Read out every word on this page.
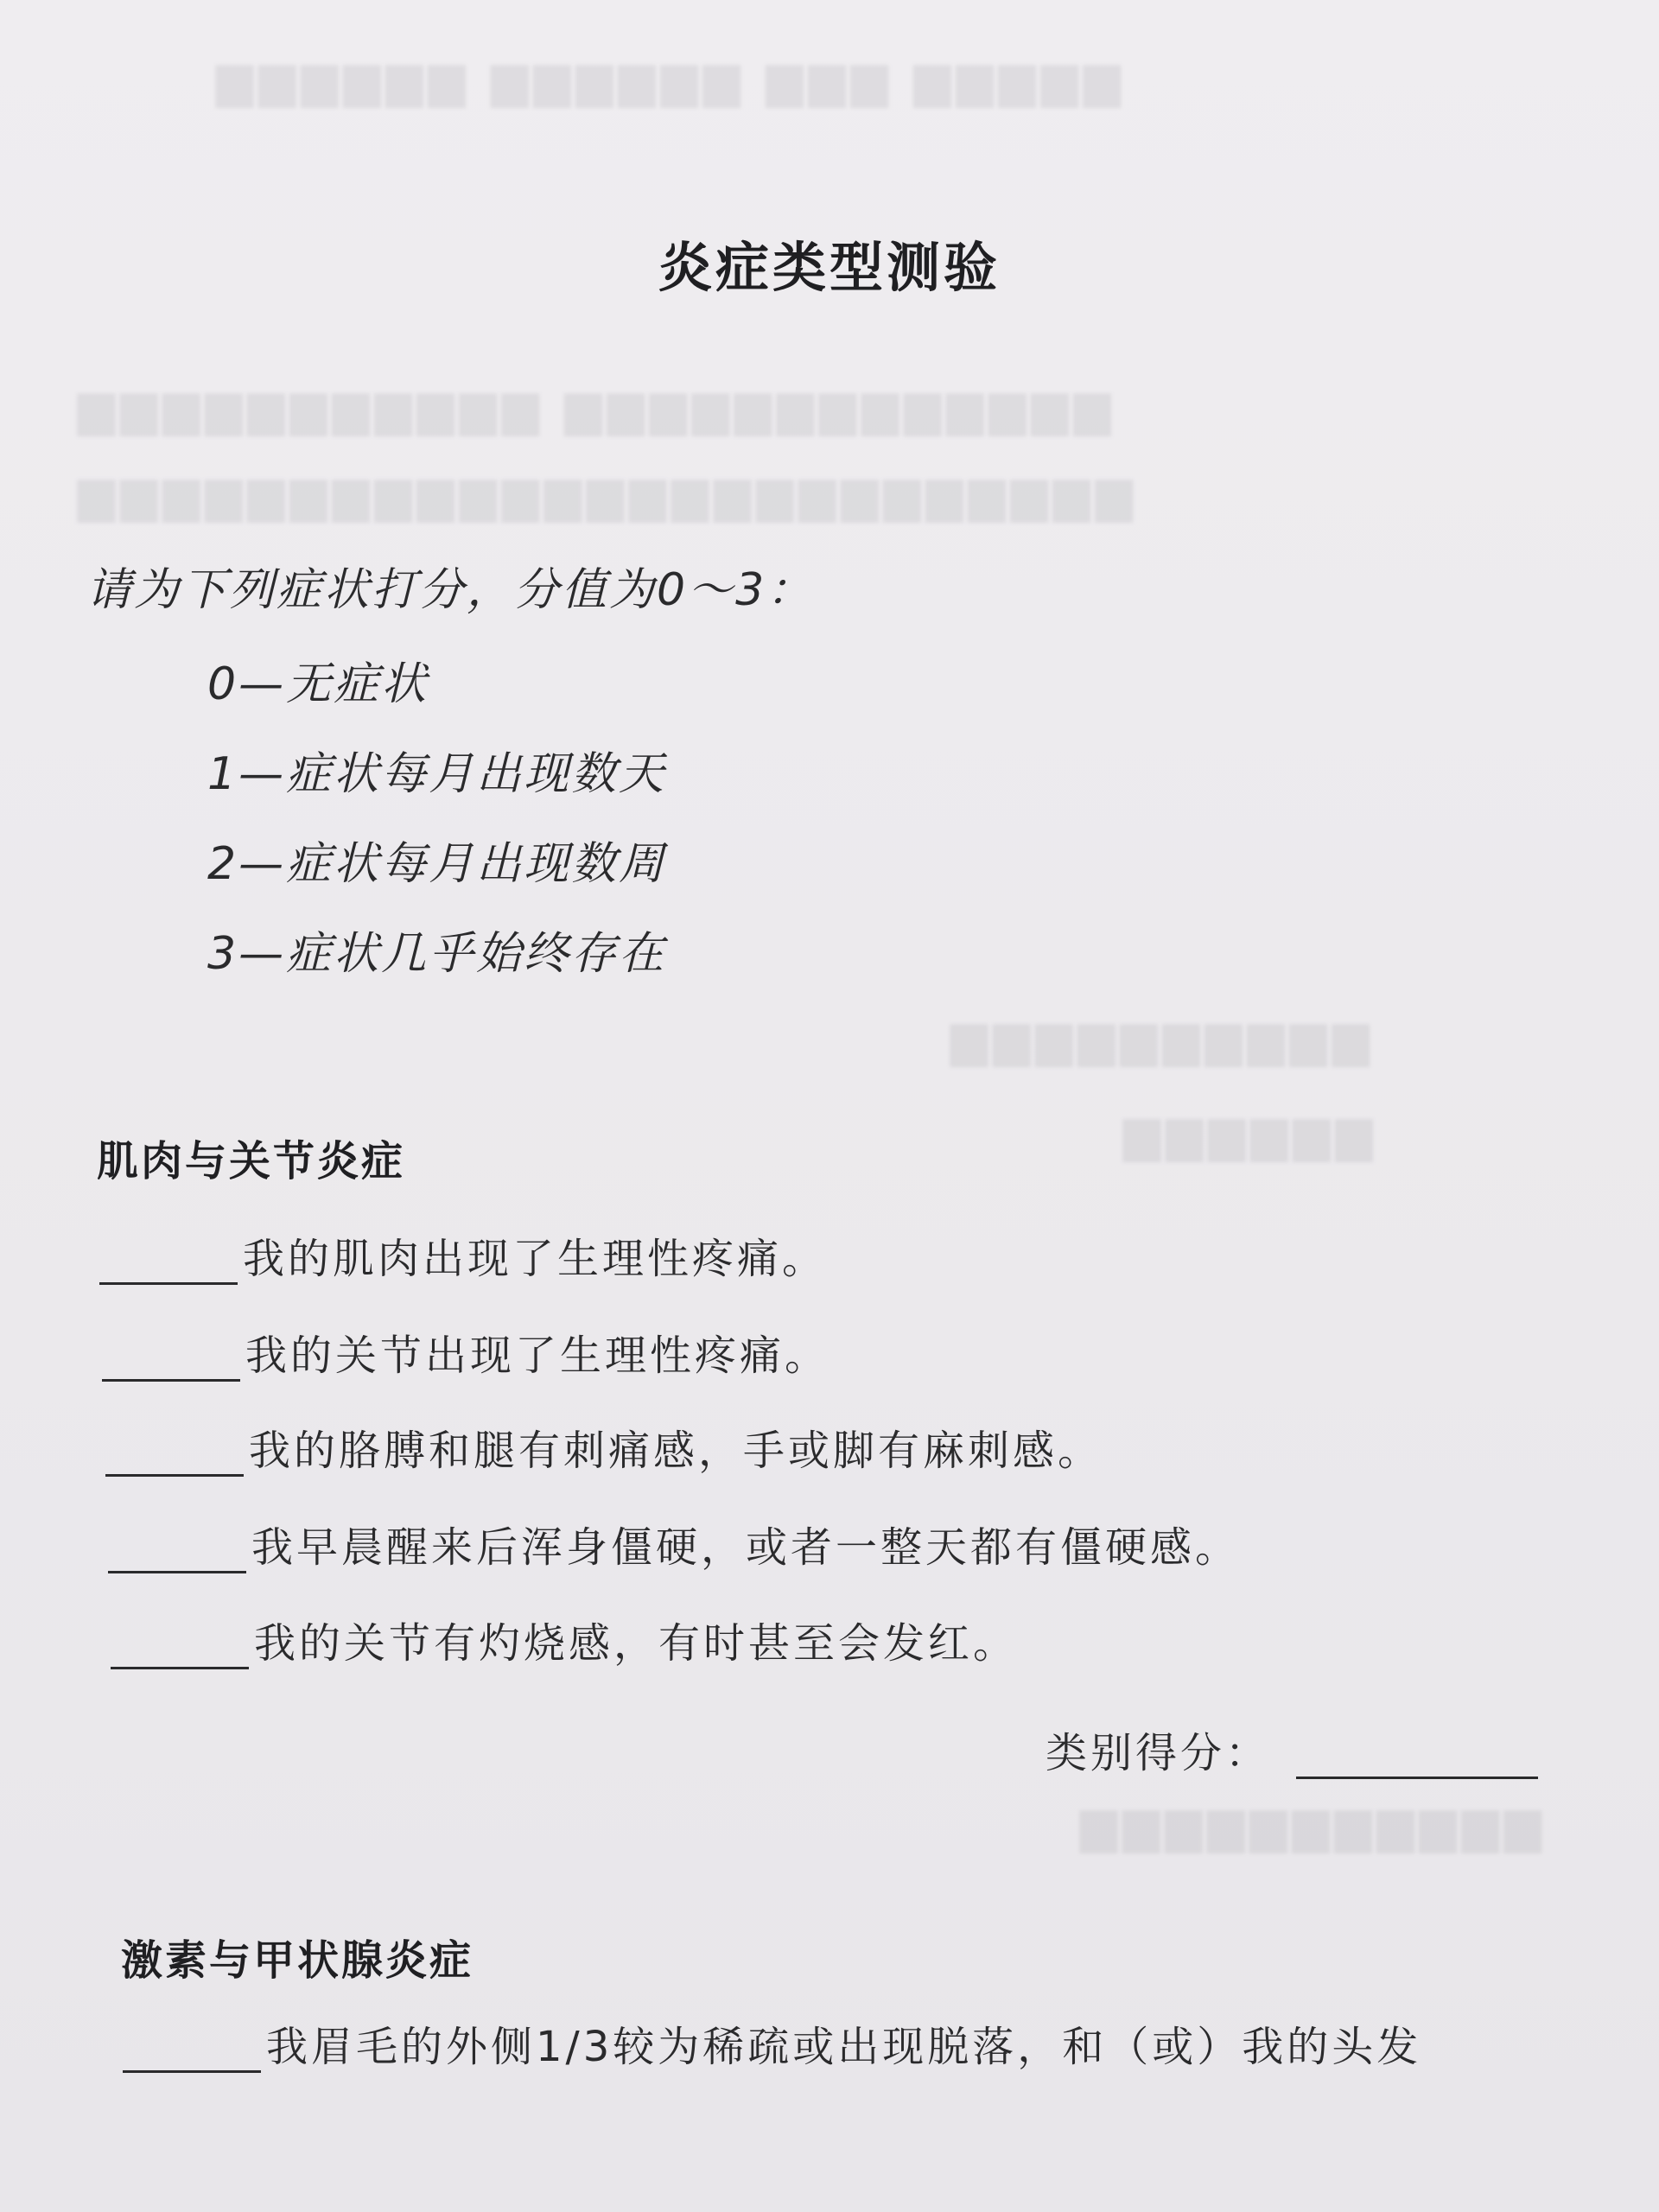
▆▆▆▆▆▆ ▆▆▆▆▆▆ ▆▆▆ ▆▆▆▆▆
▆▆▆▆▆▆▆▆▆▆▆ ▆▆▆▆▆▆▆▆▆▆▆▆▆
▆▆▆▆▆▆▆▆▆▆▆▆▆▆▆▆▆▆▆▆▆▆▆▆▆
▆▆▆▆▆▆▆▆▆▆
▆▆▆▆▆▆
▆▆▆▆▆▆▆▆▆▆▆
炎症类型测验
请为下列症状打分，分值为0～3：
0—无症状
1—症状每月出现数天
2—症状每月出现数周
3—症状几乎始终存在
肌肉与关节炎症
我的肌肉出现了生理性疼痛。
我的关节出现了生理性疼痛。
我的胳膊和腿有刺痛感，手或脚有麻刺感。
我早晨醒来后浑身僵硬，或者一整天都有僵硬感。
我的关节有灼烧感，有时甚至会发红。
类别得分：
激素与甲状腺炎症
我眉毛的外侧1/3较为稀疏或出现脱落，和（或）我的头发
